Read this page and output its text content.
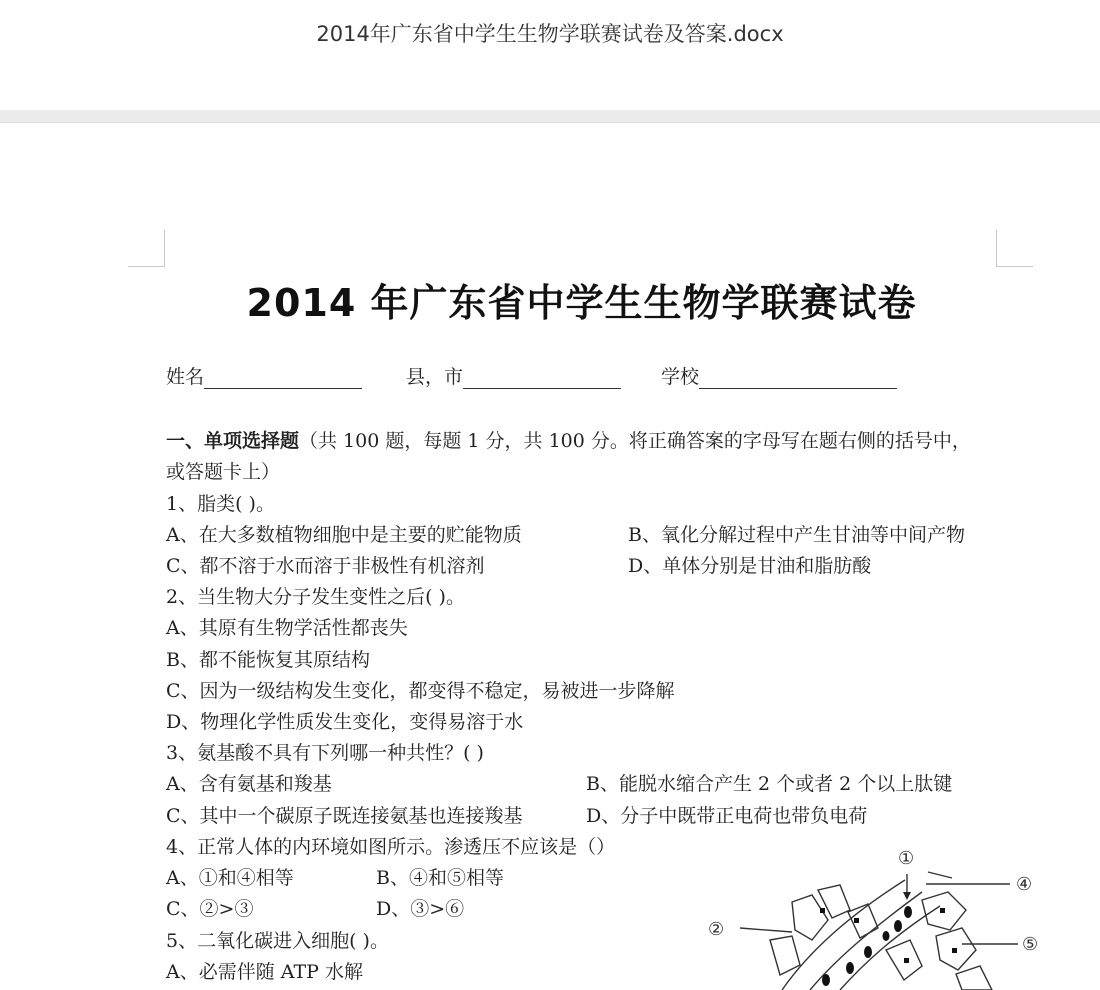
2014年广东省中学生生物学联赛试卷及答案.docx
2014 年广东省中学生生物学联赛试卷
姓名	县，市	学校
一、单项选择题（共 100 题，每题 1 分，共 100 分。将正确答案的字母写在题右侧的括号中，
或答题卡上）
1、脂类( )。
A、在大多数植物细胞中是主要的贮能物质	B、氧化分解过程中产生甘油等中间产物
C、都不溶于水而溶于非极性有机溶剂	D、单体分别是甘油和脂肪酸
2、当生物大分子发生变性之后( )。
A、其原有生物学活性都丧失
B、都不能恢复其原结构
C、因为一级结构发生变化，都变得不稳定，易被进一步降解
D、物理化学性质发生变化，变得易溶于水
3、氨基酸不具有下列哪一种共性？( )
A、含有氨基和羧基	B、能脱水缩合产生 2 个或者 2 个以上肽键
C、其中一个碳原子既连接氨基也连接羧基	D、分子中既带正电荷也带负电荷
4、正常人体的内环境如图所示。渗透压不应该是（）
A、①和④相等	B、④和⑤相等
C、②>③	D、③>⑥
5、二氧化碳进入细胞( )。
A、必需伴随 ATP 水解
①
④
②
⑤
